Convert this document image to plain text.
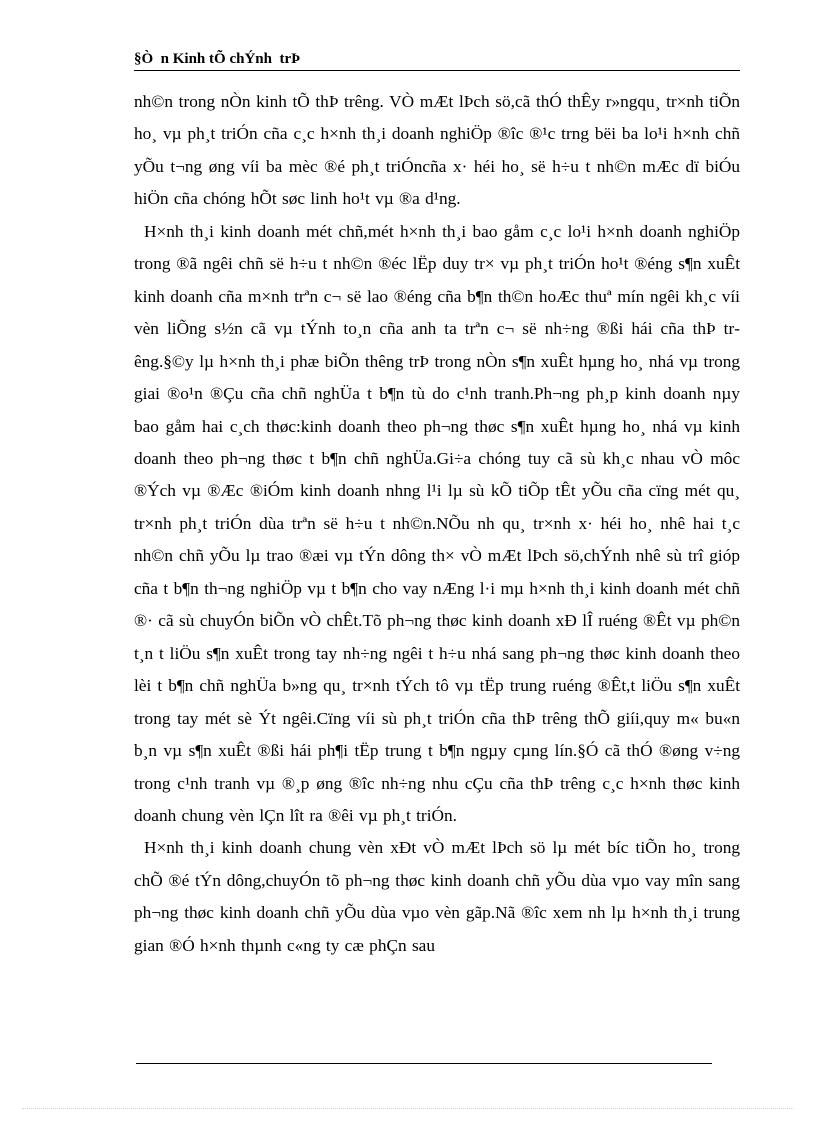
§Ò  n Kinh tÕ chÝnh  trÞ

nh©n trong nÒn kinh tÕ thÞ trêng. VÒ mÆt lÞch sö,cã thÓ thÊy r»ngqu¸ tr×nh tiÕn ho¸ vµ ph¸t triÓn cña c¸c h×nh th¸i doanh nghiÖp ®îc ®¹c trng bëi ba lo¹i h×nh chñ yÕu t¬ng øng víi ba mèc ®é ph¸t triÓncña x· héi ho¸ së h÷u t nh©n mÆc dï biÓu hiÖn cña chóng hÕt søc linh ho¹t vµ ®a d¹ng.

H×nh th¸i kinh doanh mét chñ,mét h×nh th¸i bao gåm c¸c lo¹i h×nh doanh nghiÖp trong ®ã ngêi chñ së h÷u t nh©n ®éc lËp duy tr× vµ ph¸t triÓn ho¹t ®éng s¶n xuÊt kinh doanh cña m×nh trªn c¬ së lao ®éng cña b¶n th©n hoÆc thuª mín ngêi kh¸c víi vèn liÕng s½n cã vµ tÝnh to¸n cña anh ta trªn c¬ së nh÷ng ®ßi hái cña thÞ trêng.§©y lµ h×nh th¸i phæ biÕn thêng trÞ trong nÒn s¶n xuÊt hµng ho¸ nhá vµ trong giai ®o¹n ®Çu cña chñ nghÜa t b¶n tù do c¹nh tranh.Ph¬ng ph¸p kinh doanh nµy bao gåm hai c¸ch thøc:kinh doanh theo ph¬ng thøc s¶n xuÊt hµng ho¸ nhá vµ kinh doanh theo ph¬ng thøc t b¶n chñ nghÜa.Gi÷a chóng tuy cã sù kh¸c nhau vÒ môc ®Ých vµ ®Æc ®iÓm kinh doanh nhng l¹i lµ sù kÕ tiÕp tÊt yÕu cña cïng mét qu¸ tr×nh ph¸t triÓn dùa trªn së h÷u t nh©n.NÕu nh qu¸ tr×nh x· héi ho¸ nhê hai t¸c nh©n chñ yÕu lµ trao ®æi vµ tÝn dông th× vÒ mÆt lÞch sö,chÝnh nhê sù trî gióp cña t b¶n th¬ng nghiÖp vµ t b¶n cho vay nÆng l·i mµ h×nh th¸i kinh doanh mét chñ ®· cã sù chuyÓn biÕn vÒ chÊt.Tõ ph¬ng thøc kinh doanh xÐ lÎ ruéng ®Êt vµ ph©n t¸n t liÖu s¶n xuÊt trong tay nh÷ng ngêi t h÷u nhá sang ph¬ng thøc kinh doanh theo lèi t b¶n chñ nghÜa b»ng qu¸ tr×nh tÝch tô vµ tËp trung ruéng ®Êt,t liÖu s¶n xuÊt trong tay mét sè Ýt ngêi.Cïng víi sù ph¸t triÓn cña thÞ trêng thÕ giíi,quy m« bu«n b¸n vµ s¶n xuÊt ®ßi hái ph¶i tËp trung t b¶n ngµy cµng lín.§Ó cã thÓ ®øng v÷ng trong c¹nh tranh vµ ®¸p øng ®îc nh÷ng nhu cÇu cña thÞ trêng c¸c h×nh thøc kinh doanh chung vèn lÇn lît ra ®êi vµ ph¸t triÓn.

H×nh th¸i kinh doanh chung vèn xÐt vÒ mÆt lÞch sö lµ mét bíc tiÕn ho¸ trong chÕ ®é tÝn dông,chuyÓn tõ ph¬ng thøc kinh doanh chñ yÕu dùa vµo vay mîn sang ph¬ng thøc kinh doanh chñ yÕu dùa vµo vèn gãp.Nã ®îc xem nh lµ h×nh th¸i trung gian ®Ó h×nh thµnh c«ng ty cæ phÇn sau
